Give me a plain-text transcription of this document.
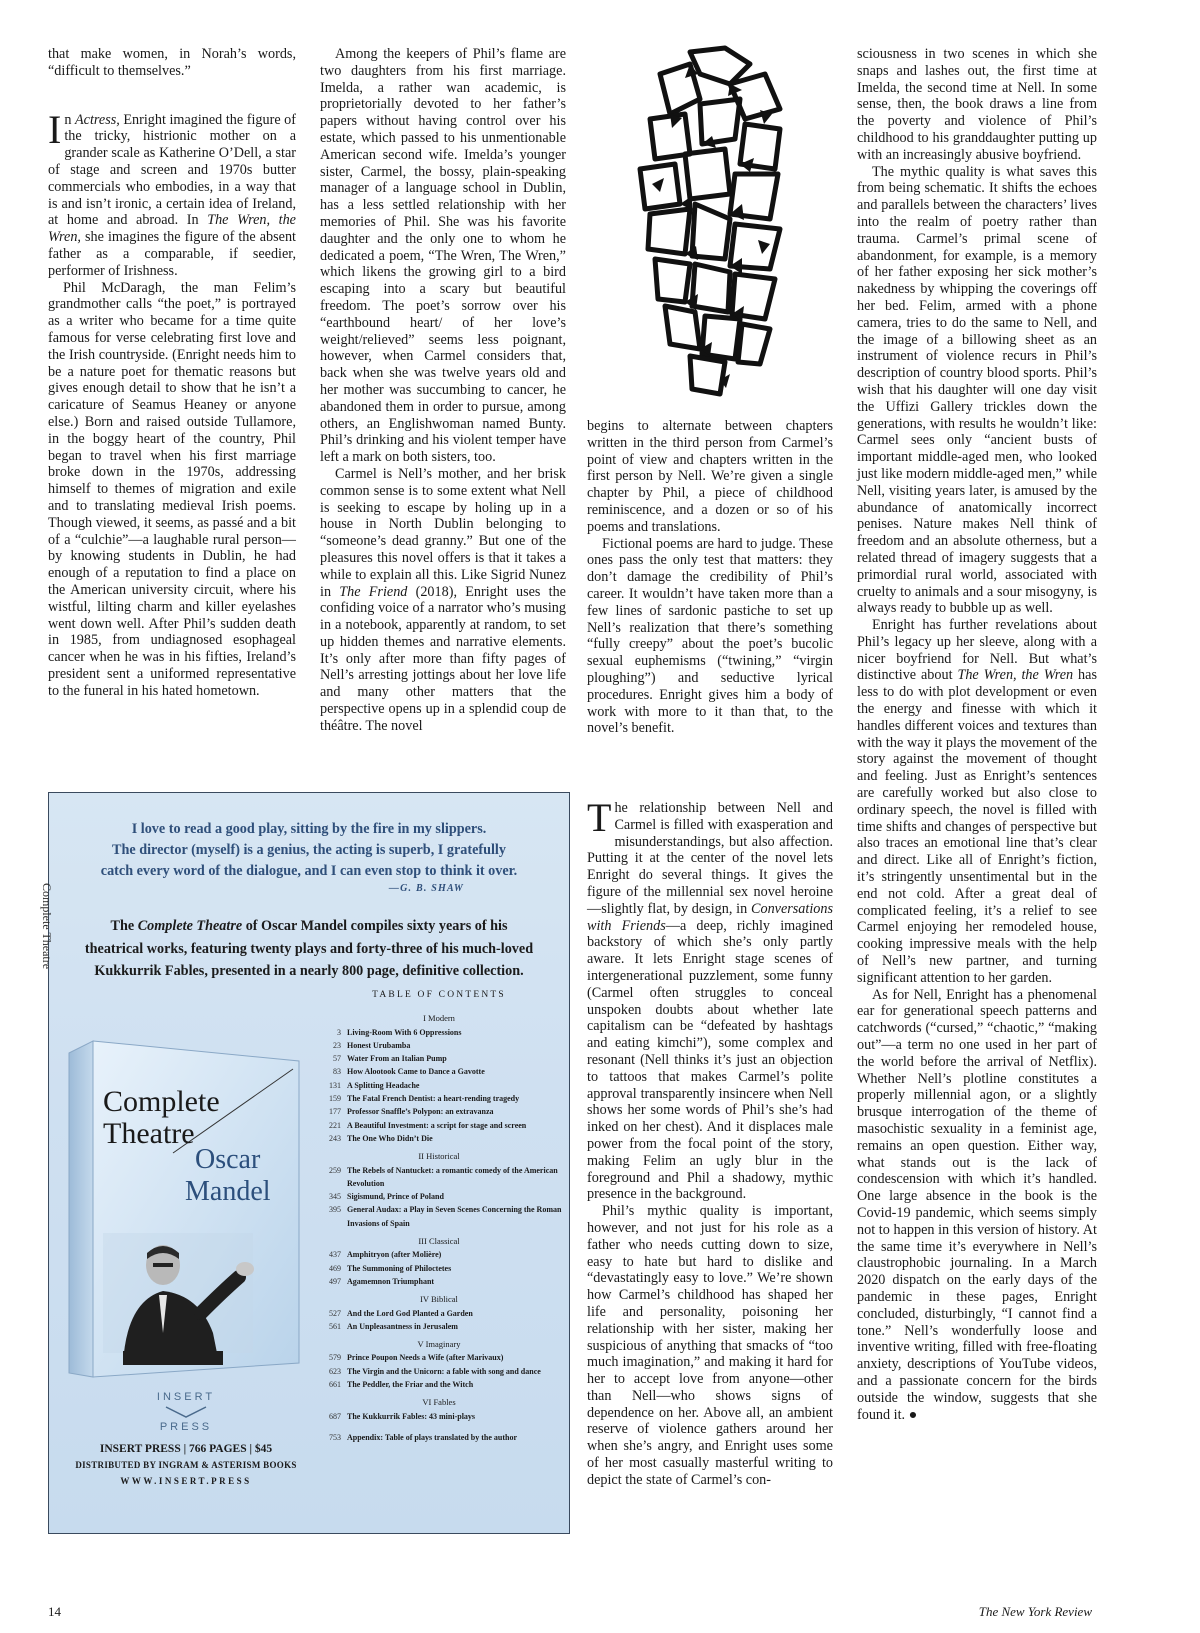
that make women, in Norah’s words, “difficult to themselves.”

In Actress, Enright imagined the figure of the tricky, histrionic mother on a grander scale as Katherine O’Dell, a star of stage and screen and 1970s butter commercials who embodies, in a way that is and isn’t ironic, a certain idea of Ireland, at home and abroad. In The Wren, the Wren, she imagines the figure of the absent father as a comparable, if seedier, performer of Irishness.

Phil McDaragh, the man Felim’s grandmother calls “the poet,” is portrayed as a writer who became for a time quite famous for verse celebrating first love and the Irish countryside. (Enright needs him to be a nature poet for thematic reasons but gives enough detail to show that he isn’t a caricature of Seamus Heaney or anyone else.) Born and raised outside Tullamore, in the boggy heart of the country, Phil began to travel when his first marriage broke down in the 1970s, addressing himself to themes of migration and exile and to translating medieval Irish poems. Though viewed, it seems, as passé and a bit of a “culchie”—a laughable rural person—by knowing students in Dublin, he had enough of a reputation to find a place on the American university circuit, where his wistful, lilting charm and killer eyelashes went down well. After Phil’s sudden death in 1985, from undiagnosed esophageal cancer when he was in his fifties, Ireland’s president sent a uniformed representative to the funeral in his hated hometown.

Among the keepers of Phil’s flame are two daughters from his first marriage. Imelda, a rather wan academic, is proprietorially devoted to her father’s papers without having control over his estate, which passed to his unmentionable American second wife. Imelda’s younger sister, Carmel, the bossy, plain-speaking manager of a language school in Dublin, has a less settled relationship with her memories of Phil. She was his favorite daughter and the only one to whom he dedicated a poem, “The Wren, The Wren,” which likens the growing girl to a bird escaping into a scary but beautiful freedom. The poet’s sorrow over his “earthbound heart/ of her love’s weight/relieved” seems less poignant, however, when Carmel considers that, back when she was twelve years old and her mother was succumbing to cancer, he abandoned them in order to pursue, among others, an Englishwoman named Bunty. Phil’s drinking and his violent temper have left a mark on both sisters, too.

Carmel is Nell’s mother, and her brisk common sense is to some extent what Nell is seeking to escape by holing up in a house in North Dublin belonging to “someone’s dead granny.” But one of the pleasures this novel offers is that it takes a while to explain all this. Like Sigrid Nunez in The Friend (2018), Enright uses the confiding voice of a narrator who’s musing in a notebook, apparently at random, to set up hidden themes and narrative elements. It’s only after more than fifty pages of Nell’s arresting jottings about her love life and many other matters that the perspective opens up in a splendid coup de théâtre. The novel

begins to alternate between chapters written in the third person from Carmel’s point of view and chapters written in the first person by Nell. We’re given a single chapter by Phil, a piece of childhood reminiscence, and a dozen or so of his poems and translations.

Fictional poems are hard to judge. These ones pass the only test that matters: they don’t damage the credibility of Phil’s career. It wouldn’t have taken more than a few lines of sardonic pastiche to set up Nell’s realization that there’s something “fully creepy” about the poet’s bucolic sexual euphemisms (“twining,” “virgin ploughing”) and seductive lyrical procedures. Enright gives him a body of work with more to it than that, to the novel’s benefit.

The relationship between Nell and Carmel is filled with exasperation and misunderstandings, but also affection. Putting it at the center of the novel lets Enright do several things. It gives the figure of the millennial sex novel heroine—slightly flat, by design, in Conversations with Friends—a deep, richly imagined backstory of which she’s only partly aware. It lets Enright stage scenes of intergenerational puzzlement, some funny (Carmel often struggles to conceal unspoken doubts about whether late capitalism can be “defeated by hashtags and eating kimchi”), some complex and resonant (Nell thinks it’s just an objection to tattoos that makes Carmel’s polite approval transparently insincere when Nell shows her some words of Phil’s she’s had inked on her chest). And it displaces male power from the focal point of the story, making Felim an ugly blur in the foreground and Phil a shadowy, mythic presence in the background.

Phil’s mythic quality is important, however, and not just for his role as a father who needs cutting down to size, easy to hate but hard to dislike and “devastatingly easy to love.” We’re shown how Carmel’s childhood has shaped her life and personality, poisoning her relationship with her sister, making her suspicious of anything that smacks of “too much imagination,” and making it hard for her to accept love from anyone—other than Nell—who shows signs of dependence on her. Above all, an ambient reserve of violence gathers around her when she’s angry, and Enright uses some of her most casually masterful writing to depict the state of Carmel’s con-

sciousness in two scenes in which she snaps and lashes out, the first time at Imelda, the second time at Nell. In some sense, then, the book draws a line from the poverty and violence of Phil’s childhood to his granddaughter putting up with an increasingly abusive boyfriend.

The mythic quality is what saves this from being schematic. It shifts the echoes and parallels between the characters’ lives into the realm of poetry rather than trauma. Carmel’s primal scene of abandonment, for example, is a memory of her father exposing her sick mother’s nakedness by whipping the coverings off her bed. Felim, armed with a phone camera, tries to do the same to Nell, and the image of a billowing sheet as an instrument of violence recurs in Phil’s description of country blood sports. Phil’s wish that his daughter will one day visit the Uffizi Gallery trickles down the generations, with results he wouldn’t like: Carmel sees only “ancient busts of important middle-aged men, who looked just like modern middle-aged men,” while Nell, visiting years later, is amused by the abundance of anatomically incorrect penises. Nature makes Nell think of freedom and an absolute otherness, but a related thread of imagery suggests that a primordial rural world, associated with cruelty to animals and a sour misogyny, is always ready to bubble up as well.

Enright has further revelations about Phil’s legacy up her sleeve, along with a nicer boyfriend for Nell. But what’s distinctive about The Wren, the Wren has less to do with plot development or even the energy and finesse with which it handles different voices and textures than with the way it plays the movement of the story against the movement of thought and feeling. Just as Enright’s sentences are carefully worked but also close to ordinary speech, the novel is filled with time shifts and changes of perspective but also traces an emotional line that’s clear and direct. Like all of Enright’s fiction, it’s stringently unsentimental but in the end not cold. After a great deal of complicated feeling, it’s a relief to see Carmel enjoying her remodeled house, cooking impressive meals with the help of Nell’s new partner, and turning significant attention to her garden.

As for Nell, Enright has a phenomenal ear for generational speech patterns and catchwords (“cursed,” “chaotic,” “making out”—a term no one used in her part of the world before the arrival of Netflix). Whether Nell’s plotline constitutes a properly millennial agon, or a slightly brusque interrogation of the theme of masochistic sexuality in a feminist age, remains an open question. Either way, what stands out is the lack of condescension with which it’s handled. One large absence in the book is the Covid-19 pandemic, which seems simply not to happen in this version of history. At the same time it’s everywhere in Nell’s claustrophobic journaling. In a March 2020 dispatch on the early days of the pandemic in these pages, Enright concluded, disturbingly, “I cannot find a tone.” Nell’s wonderfully loose and inventive writing, filled with free-floating anxiety, descriptions of YouTube videos, and a passionate concern for the birds outside the window, suggests that she found it. ●

I love to read a good play, sitting by the fire in my slippers.
The director (myself) is a genius, the acting is superb, I gratefully
catch every word of the dialogue, and I can even stop to think it over.
—G. B. SHAW
The Complete Theatre of Oscar Mandel compiles sixty years of his
theatrical works, featuring twenty plays and forty-three of his much-loved
Kukkurrik Fables, presented in a nearly 800 page, definitive collection.
Complete
Theatre
Oscar
Mandel
Complete Theatre
INSERT
PRESS
INSERT PRESS | 766 PAGES | $45
DISTRIBUTED BY INGRAM & ASTERISM BOOKS
WWW.INSERT.PRESS
TABLE OF CONTENTS
I Modern
3 Living-Room With 6 Oppressions
23 Honest Urubamba
57 Water From an Italian Pump
83 How Alootook Came to Dance a Gavotte
131 A Splitting Headache
159 The Fatal French Dentist: a heart-rending tragedy
177 Professor Snaffle’s Polypon: an extravanza
221 A Beautiful Investment: a script for stage and screen
243 The One Who Didn’t Die
II Historical
259 The Rebels of Nantucket: a romantic comedy of the American Revolution
345 Sigismund, Prince of Poland
395 General Audax: a Play in Seven Scenes Concerning the Roman Invasions of Spain
III Classical
437 Amphitryon (after Molière)
469 The Summoning of Philoctetes
497 Agamemnon Triumphant
IV Biblical
527 And the Lord God Planted a Garden
561 An Unpleasantness in Jerusalem
V Imaginary
579 Prince Poupon Needs a Wife (after Marivaux)
623 The Virgin and the Unicorn: a fable with song and dance
661 The Peddler, the Friar and the Witch
VI Fables
687 The Kukkurrik Fables: 43 mini-plays
753 Appendix: Table of plays translated by the author
14	The New York Review
